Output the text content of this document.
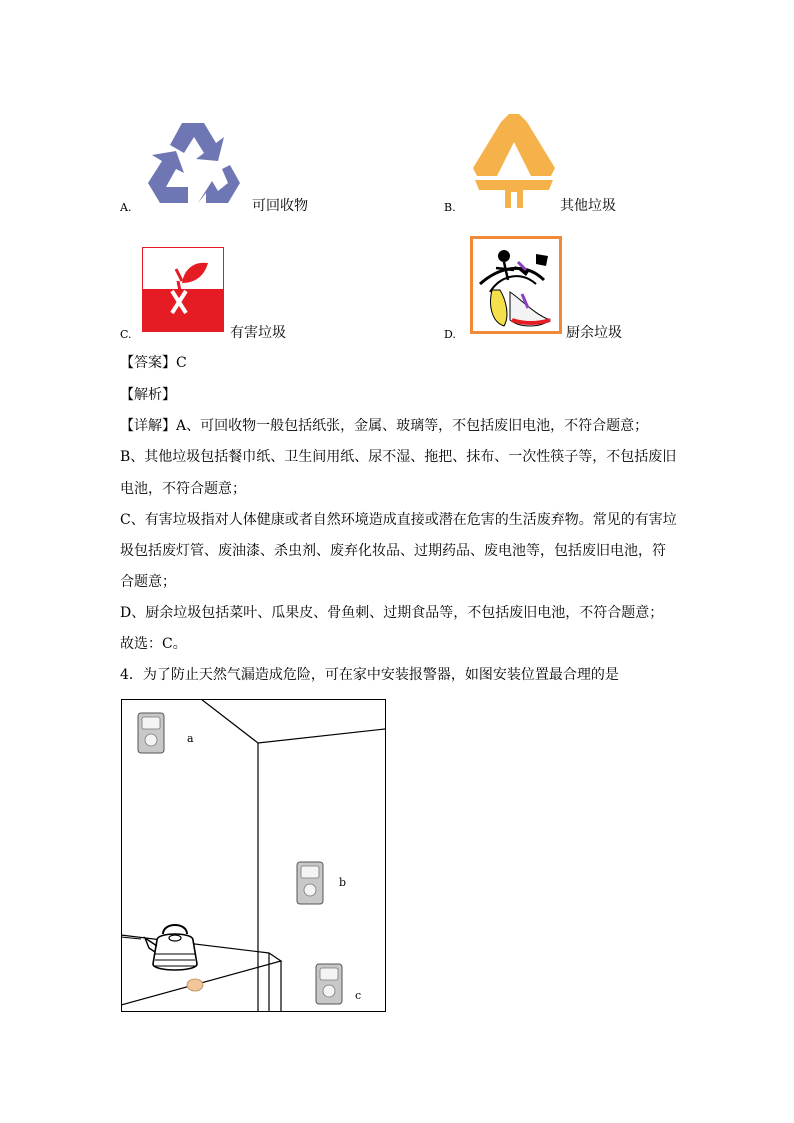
A.	可回收物	B.	其他垃圾
C.	有害垃圾	D.	厨余垃圾
【答案】C
【解析】
【详解】A、可回收物一般包括纸张，金属、玻璃等，不包括废旧电池，不符合题意；
B、其他垃圾包括餐巾纸、卫生间用纸、尿不湿、拖把、抹布、一次性筷子等，不包括废旧
电池，不符合题意；
C、有害垃圾指对人体健康或者自然环境造成直接或潜在危害的生活废弃物。常见的有害垃
圾包括废灯管、废油漆、杀虫剂、废弃化妆品、过期药品、废电池等，包括废旧电池，符
合题意；
D、厨余垃圾包括菜叶、瓜果皮、骨鱼刺、过期食品等，不包括废旧电池，不符合题意；
故选：C。
4．为了防止天然气漏造成危险，可在家中安装报警器，如图安装位置最合理的是
a
b
c
